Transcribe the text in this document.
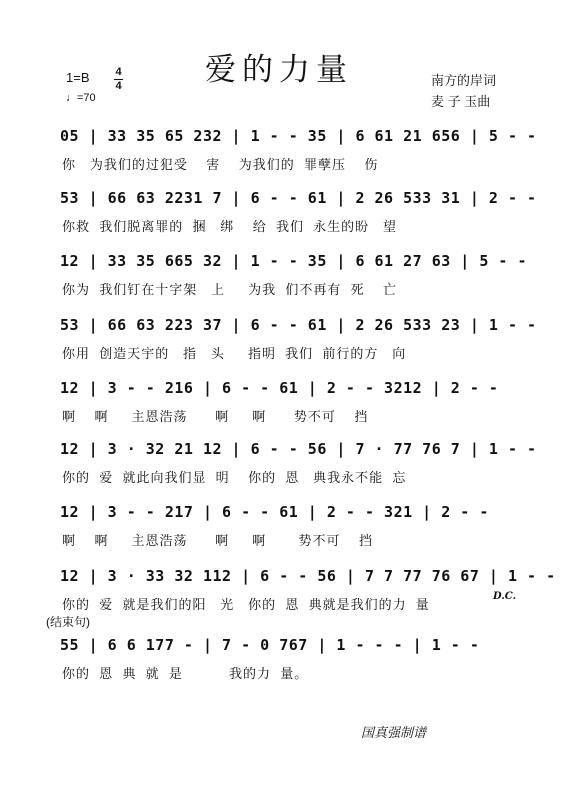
爱的力量
1=B 4
4
♩=70
南方的岸词
麦 子 玉曲
05 | 33 35 65 232 | 1 - - 35 | 6 61 21 656 | 5 - -
你   为我们的过犯受    害    为我们的  罪孽压    伤
53 | 66 63 2231 7 | 6 - - 61 | 2 26 533 31 | 2 - -
你救  我们脱离罪的  捆   绑    给  我们  永生的盼   望
12 | 33 35 665 32 | 1 - - 35 | 6 61 27 63 | 5 - -
你为  我们钉在十字架   上     为我  们不再有  死    亡
53 | 66 63 223 37 | 6 - - 61 | 2 26 533 23 | 1 - -
你用  创造天宇的   指   头     指明  我们  前行的方   向
12 | 3 - - 216 | 6 - - 61 | 2 - - 3212 | 2 - -
啊    啊     主恩浩荡      啊     啊      势不可    挡
12 | 3 · 32 21 12 | 6 - - 56 | 7 · 77 76 7 | 1 - -
你的  爱  就此向我们显  明    你的  恩   典我永不能  忘
12 | 3 - - 217 | 6 - - 61 | 2 - - 321 | 2 - -
啊    啊     主恩浩荡      啊     啊       势不可    挡
12 | 3 · 33 32 112 | 6 - - 56 | 7 7 77 76 67 | 1 - -
你的  爱  就是我们的阳   光   你的  恩  典就是我们的力  量
D.C.
(结束句)
55 | 6 6 177 - | 7 - 0 767 | 1 - - - | 1 - -
你的  恩  典  就  是          我的力  量。
国真强制谱
